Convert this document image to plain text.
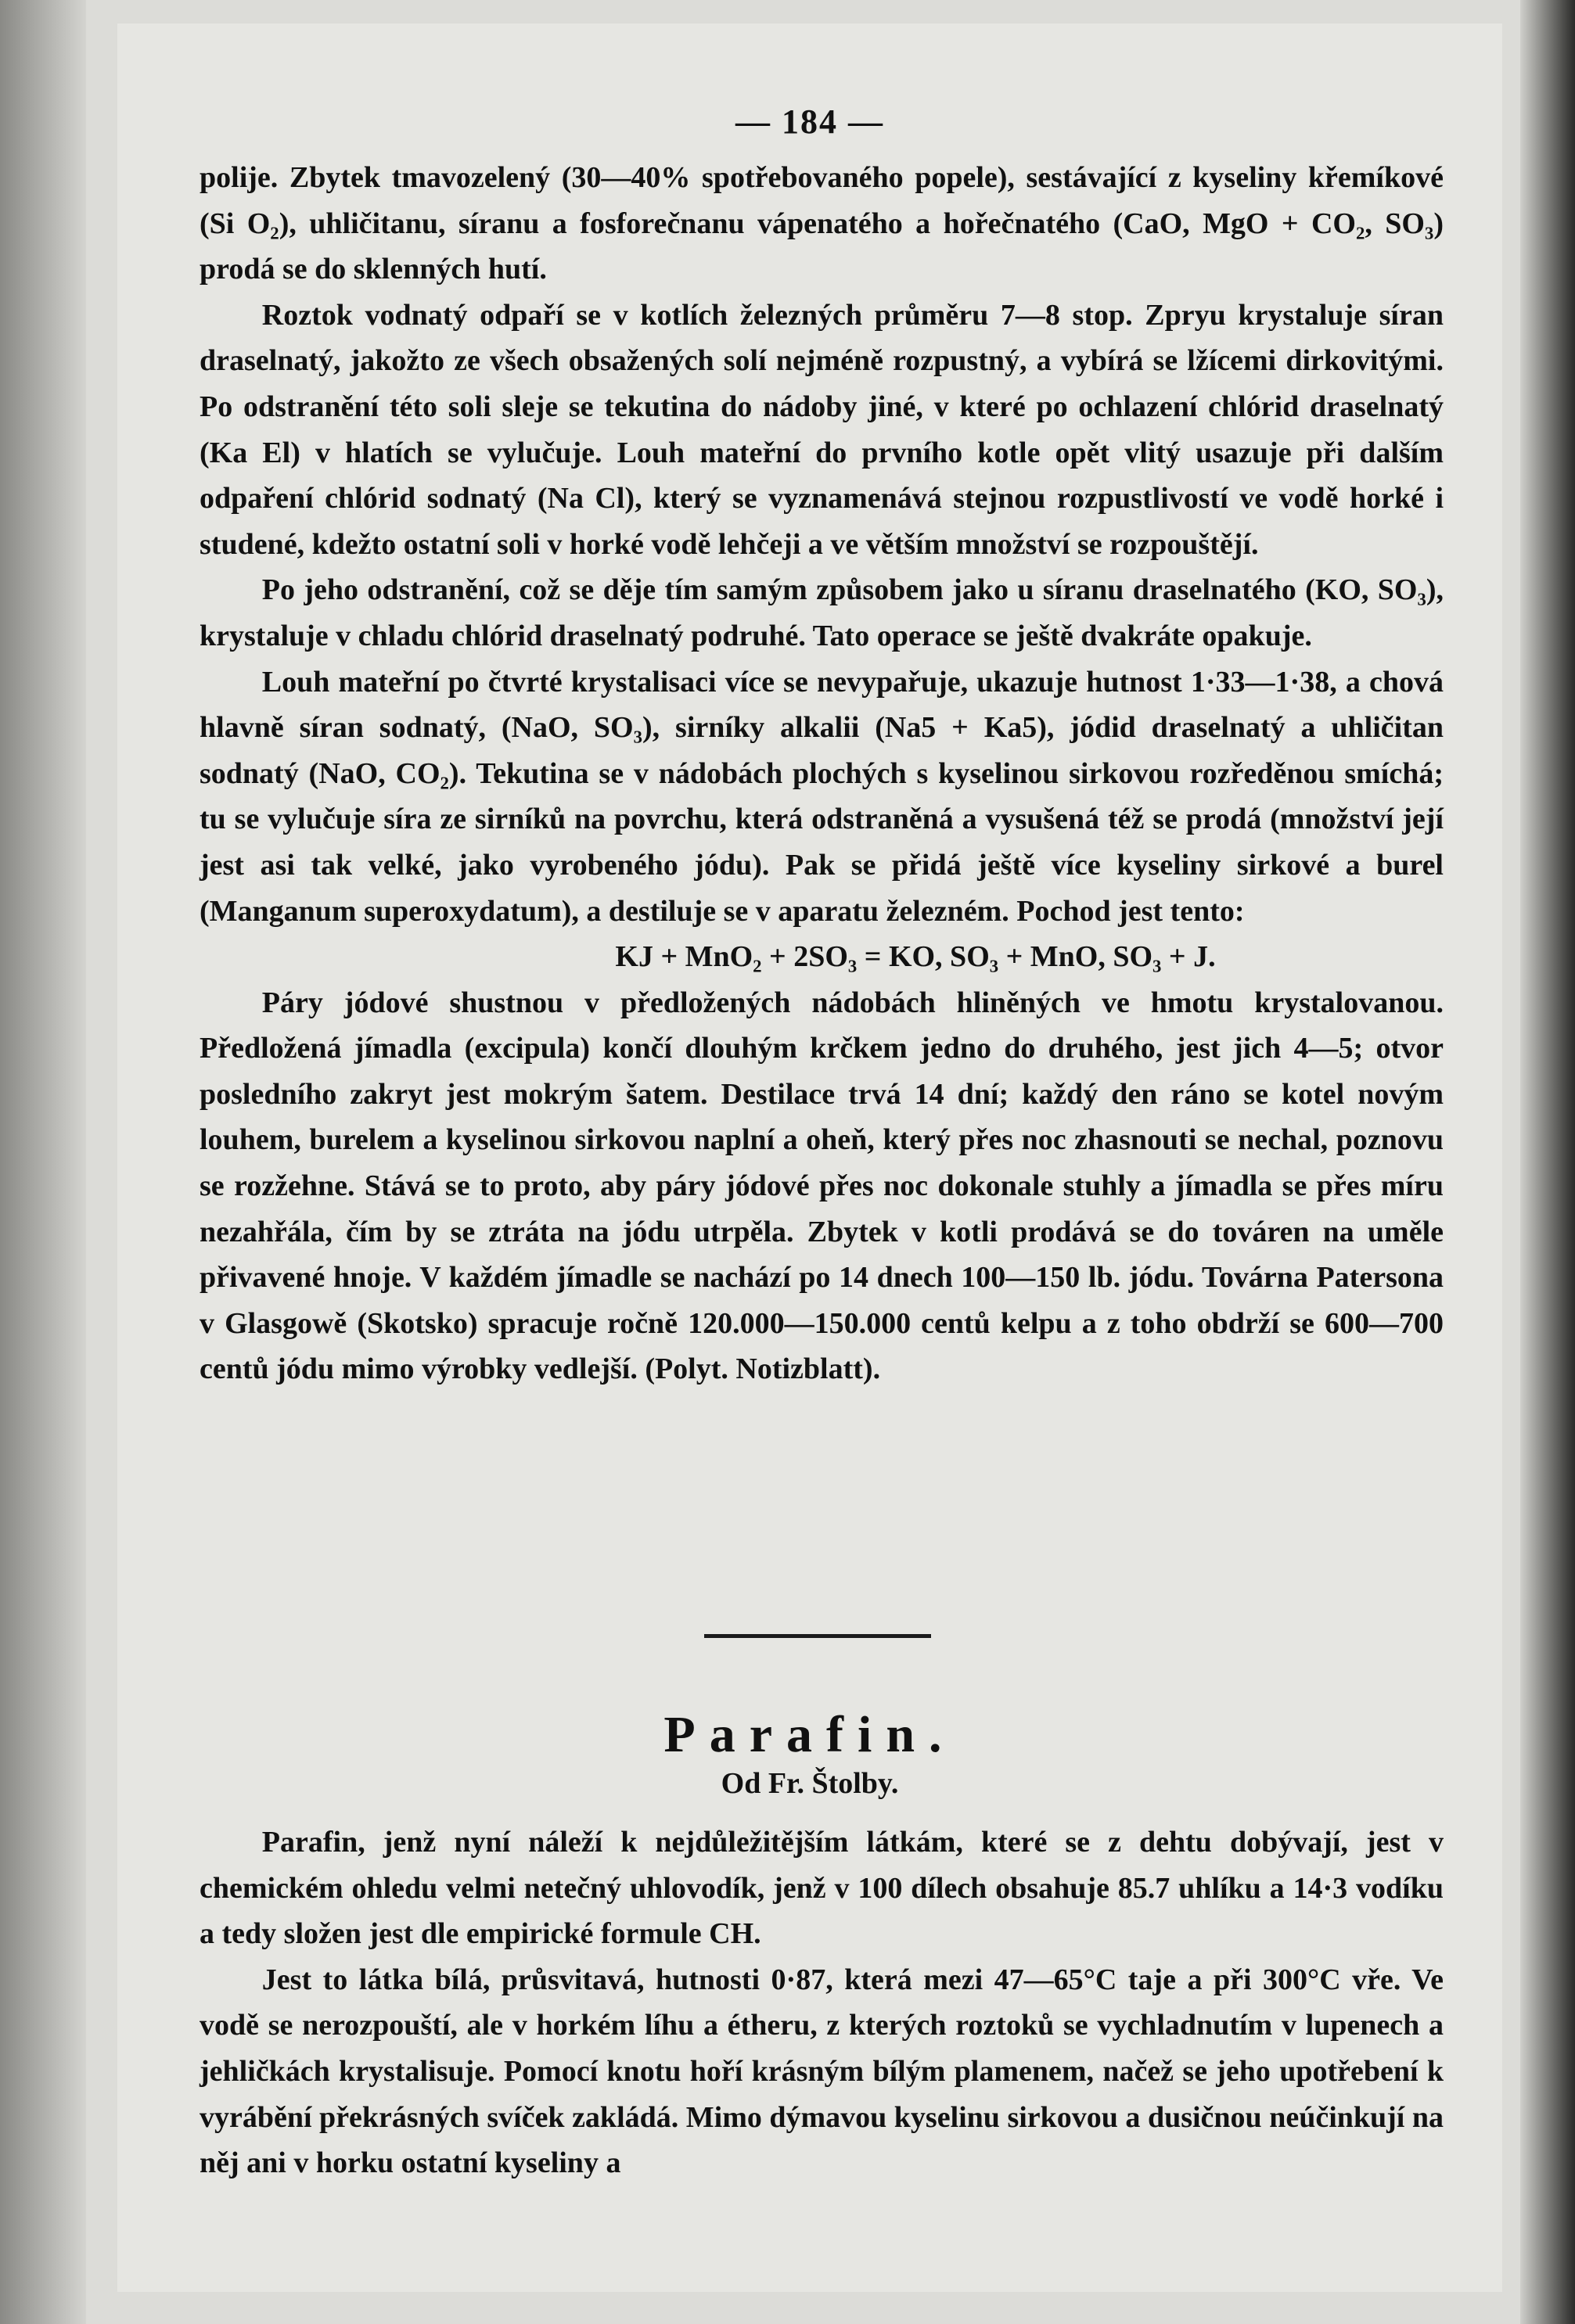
— 184 —

polije. Zbytek tmavozelený (30—40% spotřebovaného popele), sestávající z kyseliny křemíkové (Si O₂), uhličitanu, síranu a fosforečnanu vápenatého a hořečnatého (CaO, MgO + CO₂, SO₃) prodá se do sklenných hutí.

Roztok vodnatý odpaří se v kotlích železných průměru 7—8 stop. Zpryu krystaluje síran draselnatý, jakožto ze všech obsažených solí nejméně rozpustný, a vybírá se lžícemi dirkovitými. Po odstranění této soli sleje se tekutina do nádoby jiné, v které po ochlazení chlórid draselnatý (Ka El) v hlatích se vylučuje. Louh mateřní do prvního kotle opět vlitý usazuje při dalším odpaření chlórid sodnatý (Na Cl), který se vyznamenává stejnou rozpustlivostí ve vodě horké i studené, kdežto ostatní soli v horké vodě lehčeji a ve větším množství se rozpouštějí.

Po jeho odstranění, což se děje tím samým způsobem jako u síranu draselnatého (KO, SO₃), krystaluje v chladu chlórid draselnatý podruhé. Tato operace se ještě dvakráte opakuje.

Louh mateřní po čtvrté krystalisaci více se nevypařuje, ukazuje hutnost 1·33—1·38, a chová hlavně síran sodnatý, (NaO, SO₃), sirníky alkalii (Na5 + Ka5), jódid draselnatý a uhličitan sodnatý (NaO, CO₂). Tekutina se v nádobách plochých s kyselinou sirkovou rozředěnou smíchá; tu se vylučuje síra ze sirníků na povrchu, která odstraněná a vysušená též se prodá (množství její jest asi tak velké, jako vyrobeného jódu). Pak se přidá ještě více kyseliny sirkové a burel (Manganum superoxydatum), a destiluje se v aparatu železném. Pochod jest tento:

KJ + MnO₂ + 2SO₃ = KO, SO₃ + MnO, SO₃ + J.

Páry jódové shustnou v předložených nádobách hliněných ve hmotu krystalovanou. Předložená jímadla (excipula) končí dlouhým krčkem jedno do druhého, jest jich 4—5; otvor posledního zakryt jest mokrým šatem. Destilace trvá 14 dní; každý den ráno se kotel novým louhem, burelem a kyselinou sirkovou naplní a oheň, který přes noc zhasnouti se nechal, poznovu se rozžehne. Stává se to proto, aby páry jódové přes noc dokonale stuhly a jímadla se přes míru nezahřála, čím by se ztráta na jódu utrpěla. Zbytek v kotli prodává se do továren na uměle přivavené hnoje. V každém jímadle se nachází po 14 dnech 100—150 lb. jódu. Továrna Patersona v Glasgowě (Skotsko) spracuje ročně 120.000—150.000 centů kelpu a z toho obdrží se 600—700 centů jódu mimo výrobky vedlejší. (Polyt. Notizblatt).

Parafin.
Od Fr. Štolby.

Parafin, jenž nyní náleží k nejdůležitějším látkám, které se z dehtu dobývají, jest v chemickém ohledu velmi netečný uhlovodík, jenž v 100 dílech obsahuje 85.7 uhlíku a 14·3 vodíku a tedy složen jest dle empirické formule CH.

Jest to látka bílá, průsvitavá, hutnosti 0·87, která mezi 47—65°C taje a při 300°C vře. Ve vodě se nerozpouští, ale v horkém líhu a étheru, z kterých roztoků se vychladnutím v lupenech a jehličkách krystalisuje. Pomocí knotu hoří krásným bílým plamenem, načež se jeho upotřebení k vyrábění překrásných svíček zakládá. Mimo dýmavou kyselinu sirkovou a dusičnou neúčinkují na něj ani v horku ostatní kyseliny a
